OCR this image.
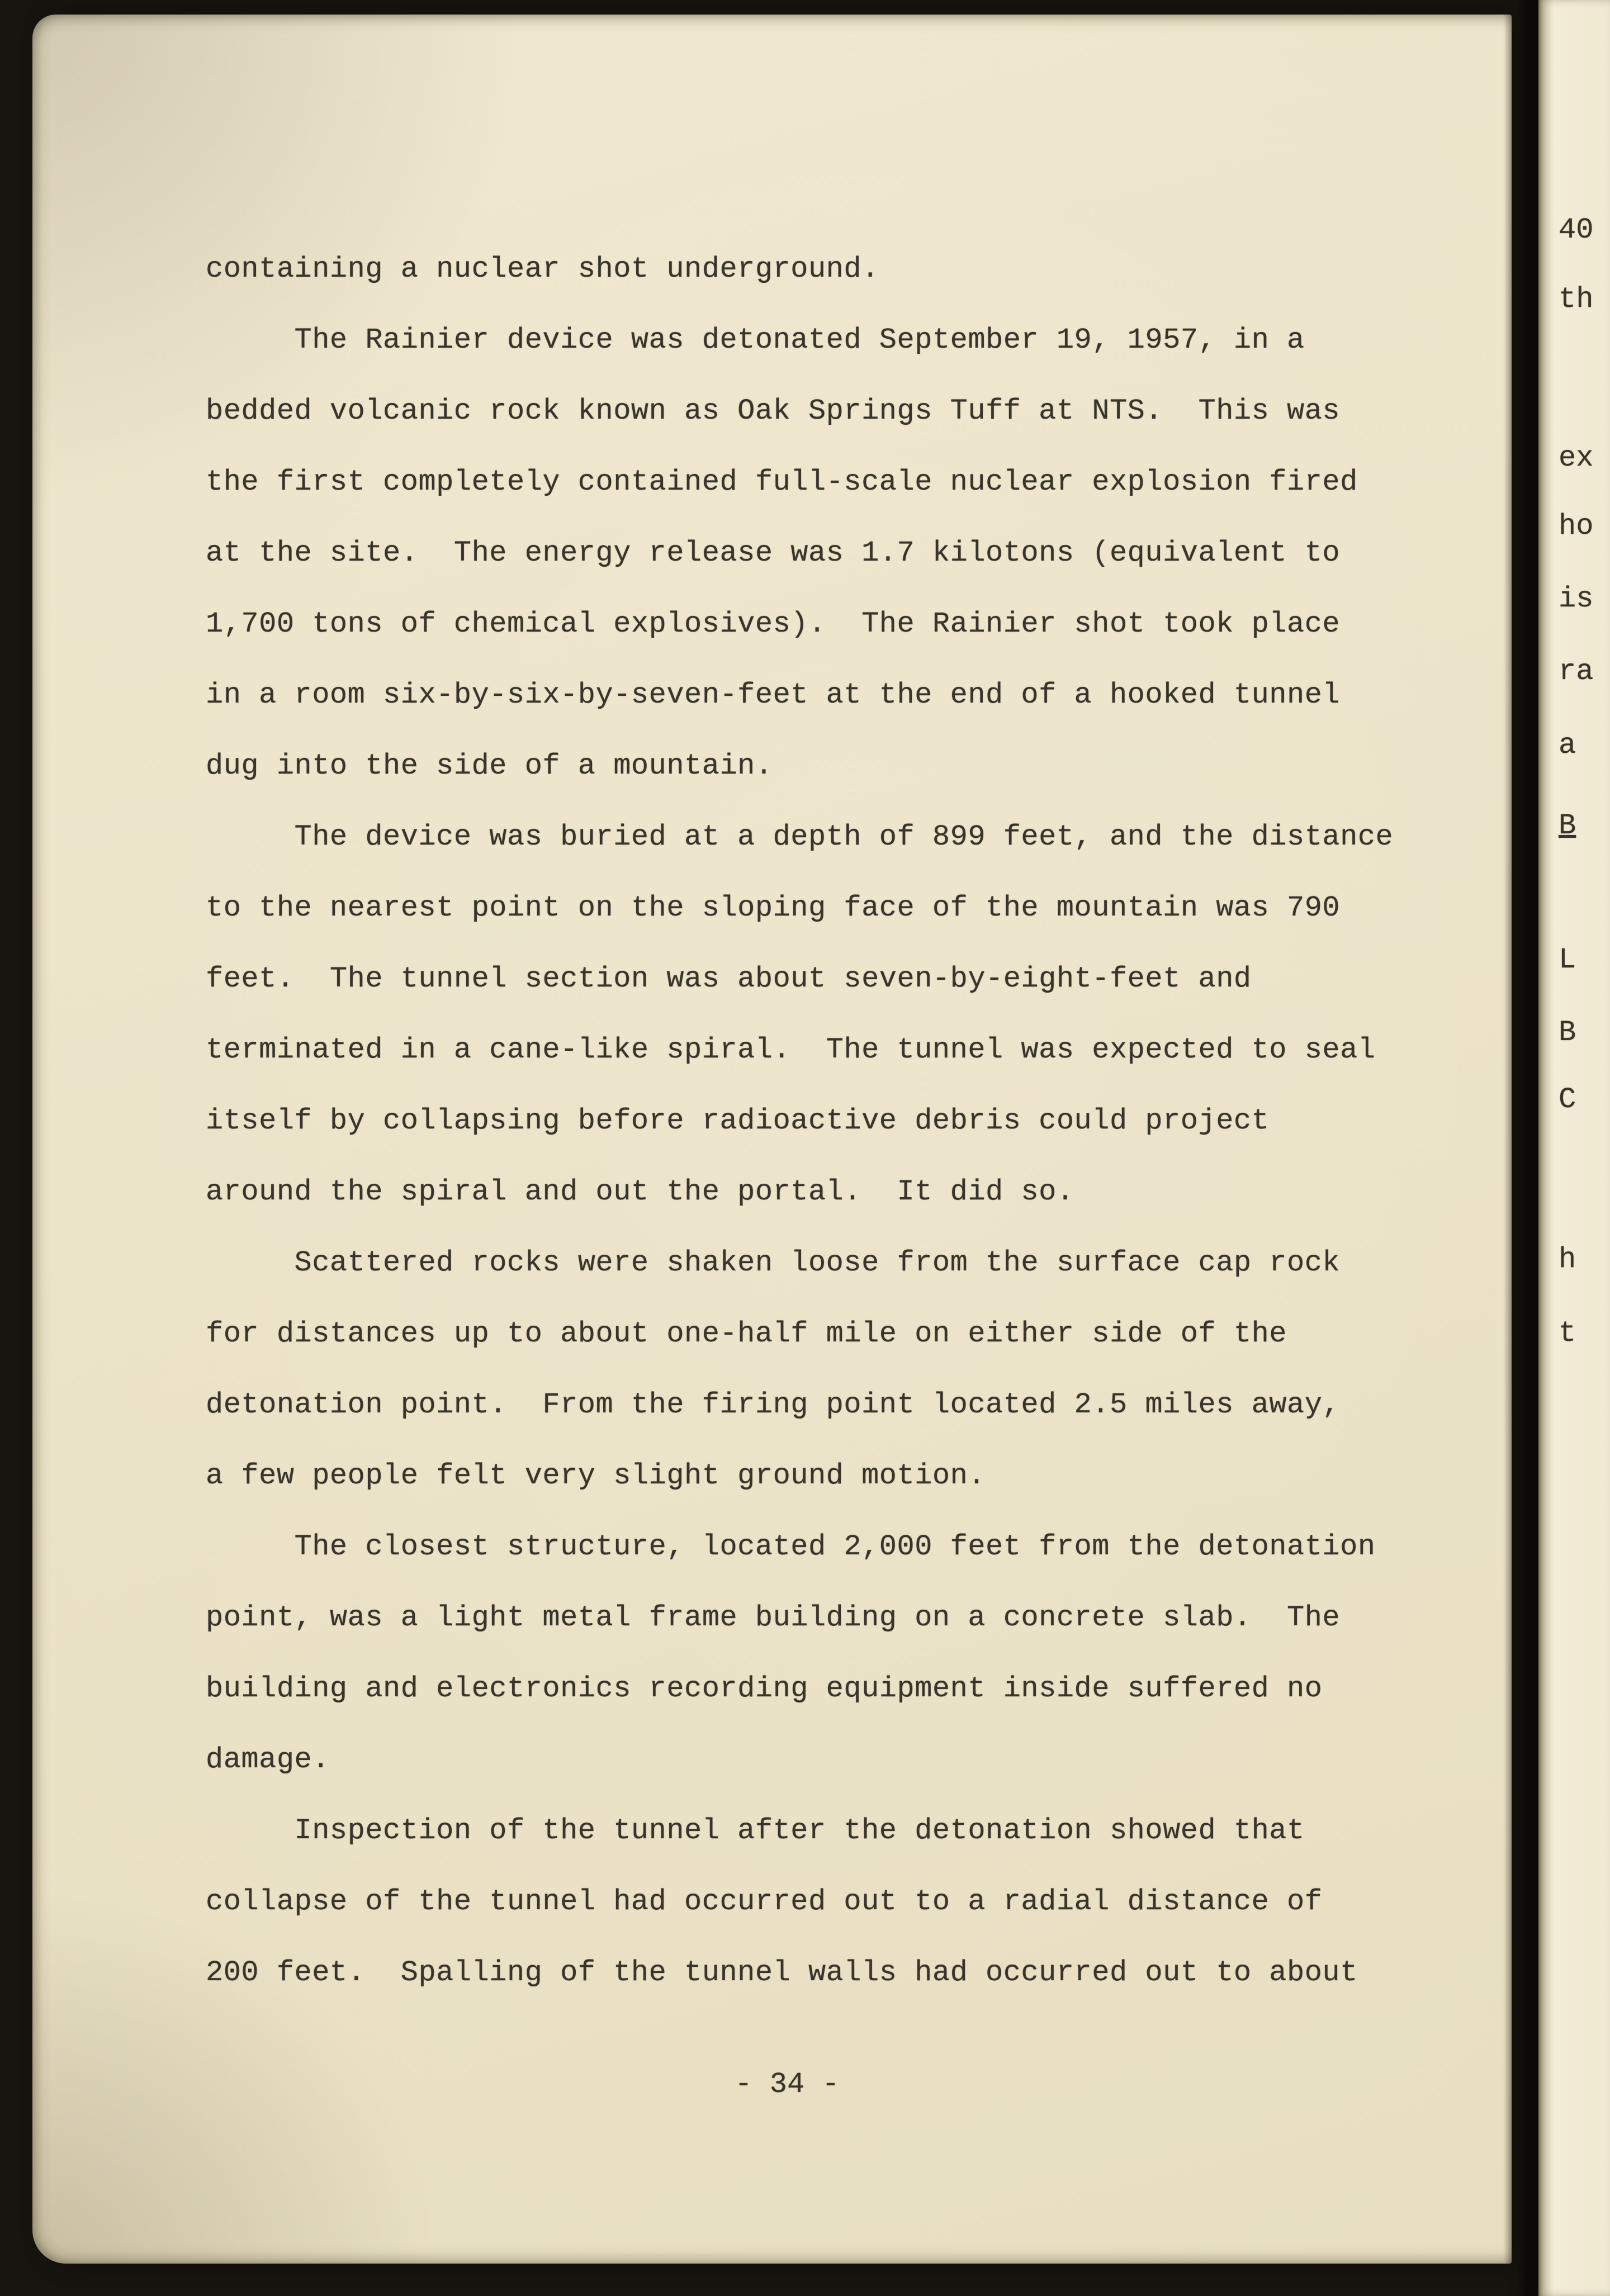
containing a nuclear shot underground.
The Rainier device was detonated September 19, 1957, in a
bedded volcanic rock known as Oak Springs Tuff at NTS.  This was
the first completely contained full-scale nuclear explosion fired
at the site.  The energy release was 1.7 kilotons (equivalent to
1,700 tons of chemical explosives).  The Rainier shot took place
in a room six-by-six-by-seven-feet at the end of a hooked tunnel
dug into the side of a mountain.
The device was buried at a depth of 899 feet, and the distance
to the nearest point on the sloping face of the mountain was 790
feet.  The tunnel section was about seven-by-eight-feet and
terminated in a cane-like spiral.  The tunnel was expected to seal
itself by collapsing before radioactive debris could project
around the spiral and out the portal.  It did so.
Scattered rocks were shaken loose from the surface cap rock
for distances up to about one-half mile on either side of the
detonation point.  From the firing point located 2.5 miles away,
a few people felt very slight ground motion.
The closest structure, located 2,000 feet from the detonation
point, was a light metal frame building on a concrete slab.  The
building and electronics recording equipment inside suffered no
damage.
Inspection of the tunnel after the detonation showed that
collapse of the tunnel had occurred out to a radial distance of
200 feet.  Spalling of the tunnel walls had occurred out to about
- 34 -
40
th
ex
ho
is
ra
a
B
L
B
C
h
t
